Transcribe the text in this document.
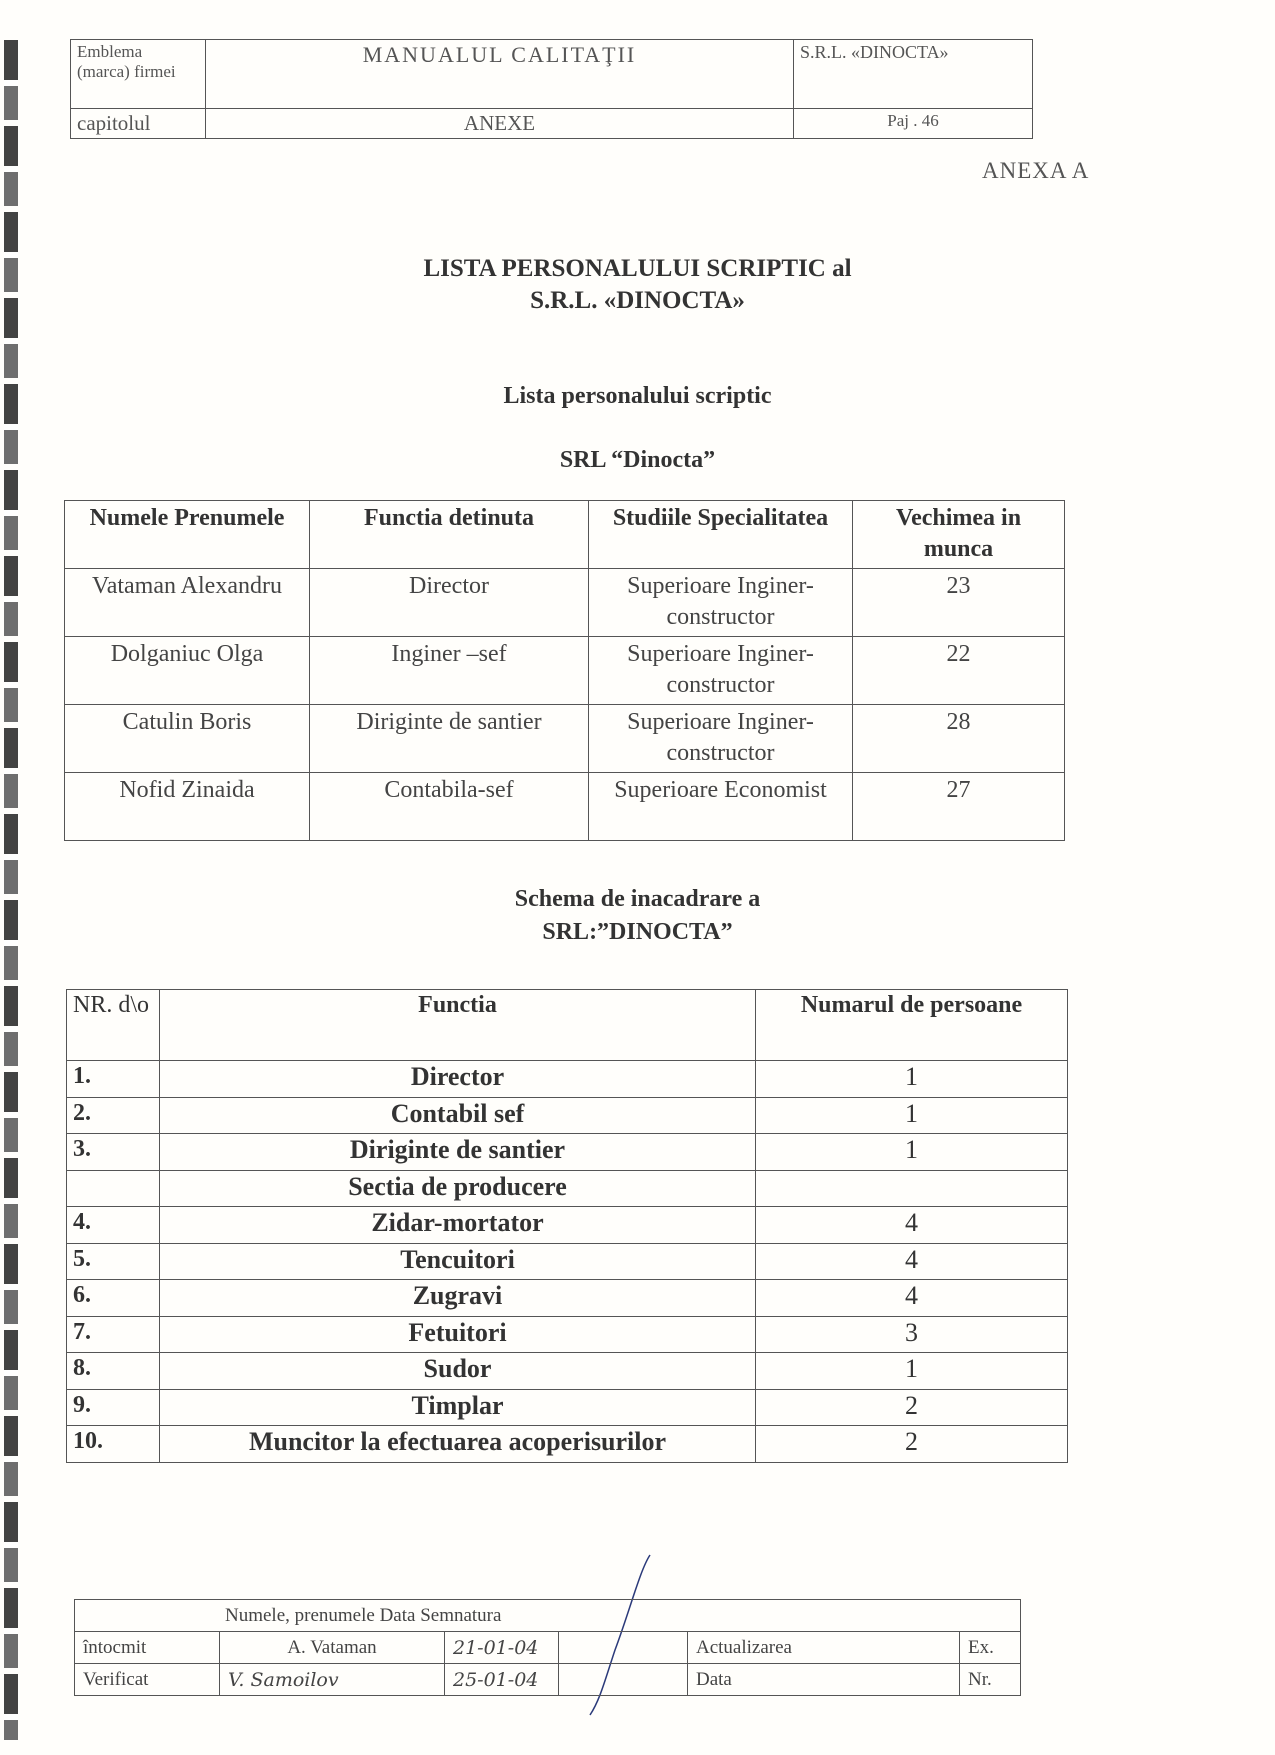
Emblema (marca) firmei	MANUALUL CALITAŢII	S.R.L. «DINOCTA»
capitolul	ANEXE	Paj . 46
ANEXA A
LISTA PERSONALULUI SCRIPTIC al
S.R.L. «DINOCTA»
Lista personalului scriptic
SRL “Dinocta”
Numele Prenumele	Functia detinuta	Studiile Specialitatea	Vechimea in munca
Vataman Alexandru	Director	Superioare Inginer-constructor	23
Dolganiuc Olga	Inginer –sef	Superioare Inginer-constructor	22
Catulin Boris	Diriginte de santier	Superioare Inginer-constructor	28
Nofid Zinaida	Contabila-sef	Superioare Economist	27
Schema de inacadrare a
SRL:”DINOCTA”
NR. d\o	Functia	Numarul de persoane
1.	Director	1
2.	Contabil sef	1
3.	Diriginte de santier	1
	Sectia de producere	
4.	Zidar-mortator	4
5.	Tencuitori	4
6.	Zugravi	4
7.	Fetuitori	3
8.	Sudor	1
9.	Timplar	2
10.	Muncitor la efectuarea acoperisurilor	2
Numele, prenumele Data Semnatura					
întocmit	A. Vataman	21-01-04		Actualizarea	Ex.
Verificat	V. Samoilov	25-01-04		Data	Nr.
